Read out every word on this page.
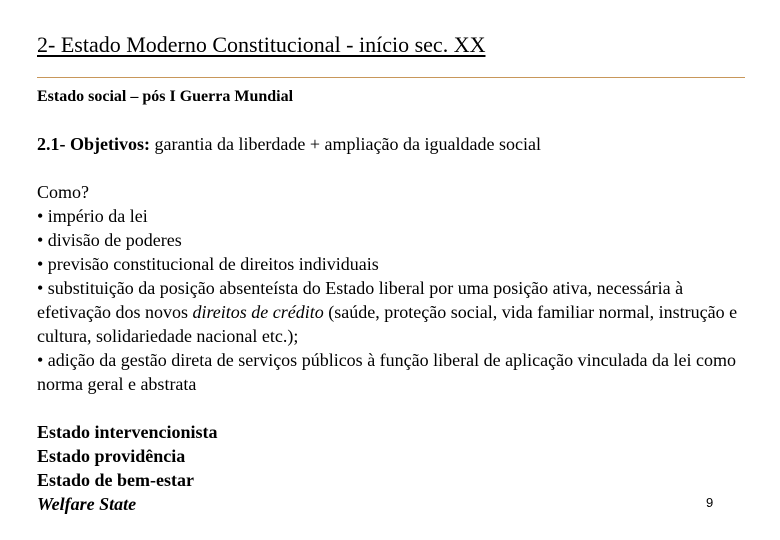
2- Estado Moderno Constitucional - início sec. XX
Estado social – pós I Guerra Mundial
2.1- Objetivos: garantia da liberdade + ampliação da igualdade social

Como?

• império da lei

• divisão de poderes

• previsão constitucional de direitos individuais

• substituição da posição absenteísta do Estado liberal por uma posição ativa, necessária à efetivação dos novos direitos de crédito (saúde, proteção social, vida familiar normal, instrução e cultura, solidariedade nacional etc.);

• adição da gestão direta de serviços públicos à função liberal de aplicação vinculada da lei como norma geral e abstrata

Estado intervencionista

Estado providência

Estado de bem-estar

Welfare State	9
